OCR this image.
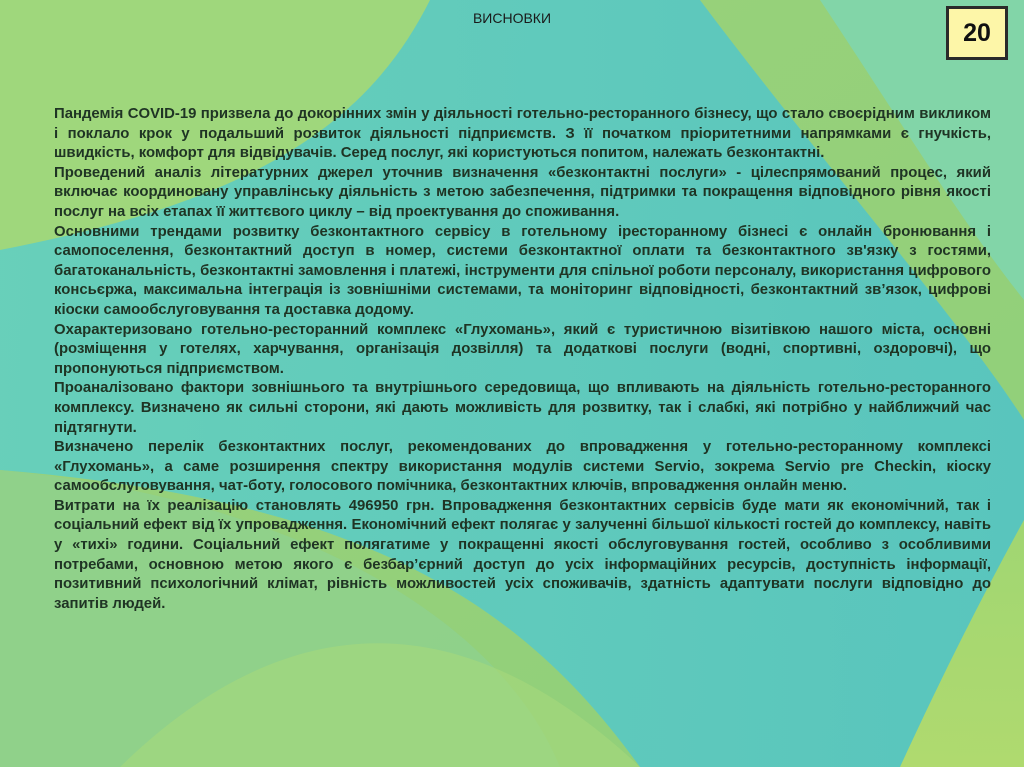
ВИСНОВКИ
20

Пандемія COVID-19 призвела до докорінних змін у діяльності готельно-ресторанного бізнесу, що стало своєрідним викликом і поклало крок у подальший розвиток діяльності підприємств. З її початком пріоритетними напрямками є гнучкість, швидкість, комфорт для відвідувачів. Серед послуг, які користуються попитом, належать безконтактні.

Проведений аналіз літературних джерел уточнив визначення «безконтактні послуги» - цілеспрямований процес, який включає координовану управлінську діяльність з метою забезпечення, підтримки та покращення відповідного рівня якості послуг на всіх етапах її життєвого циклу – від проектування до споживання.

Основними трендами розвитку безконтактного сервісу в готельному іресторанному бізнесі є онлайн бронювання і самопоселення, безконтактний доступ в номер, системи безконтактної оплати та безконтактного зв'язку з гостями, багатоканальність, безконтактні замовлення і платежі, інструменти для спільної роботи персоналу, використання цифрового консьєржа, максимальна інтеграція із зовнішніми системами, та моніторинг відповідності, безконтактний зв’язок, цифрові кіоски самообслуговування та доставка додому.

Охарактеризовано готельно-ресторанний комплекс «Глухомань», який є туристичною візитівкою нашого міста, основні (розміщення у готелях, харчування, організація дозвілля) та додаткові послуги (водні, спортивні, оздоровчі), що пропонуються підприємством.

Проаналізовано фактори зовнішнього та внутрішнього середовища, що впливають на діяльність готельно-ресторанного комплексу. Визначено як сильні сторони, які дають можливість для розвитку, так і слабкі, які потрібно у найближчий час підтягнути.

Визначено перелік безконтактних послуг, рекомендованих до впровадження у готельно-ресторанному комплексі «Глухомань», а саме розширення спектру використання модулів системи Servio, зокрема Servio pre Checkin, кіоску самообслуговування, чат-боту, голосового помічника, безконтактних ключів, впровадження онлайн меню.

Витрати на їх реалізацію становлять 496950 грн. Впровадження безконтактних сервісів буде мати як економічний, так і соціальний ефект від їх упровадження. Економічний ефект полягає у залученні більшої кількості гостей до комплексу, навіть у «тихі» години. Соціальний ефект полягатиме у покращенні якості обслуговування гостей, особливо з особливими потребами, основною метою якого є безбар’єрний доступ до усіх інформаційних ресурсів, доступність інформації, позитивний психологічний клімат, рівність можливостей усіх споживачів, здатність адаптувати послуги відповідно до запитів людей.
